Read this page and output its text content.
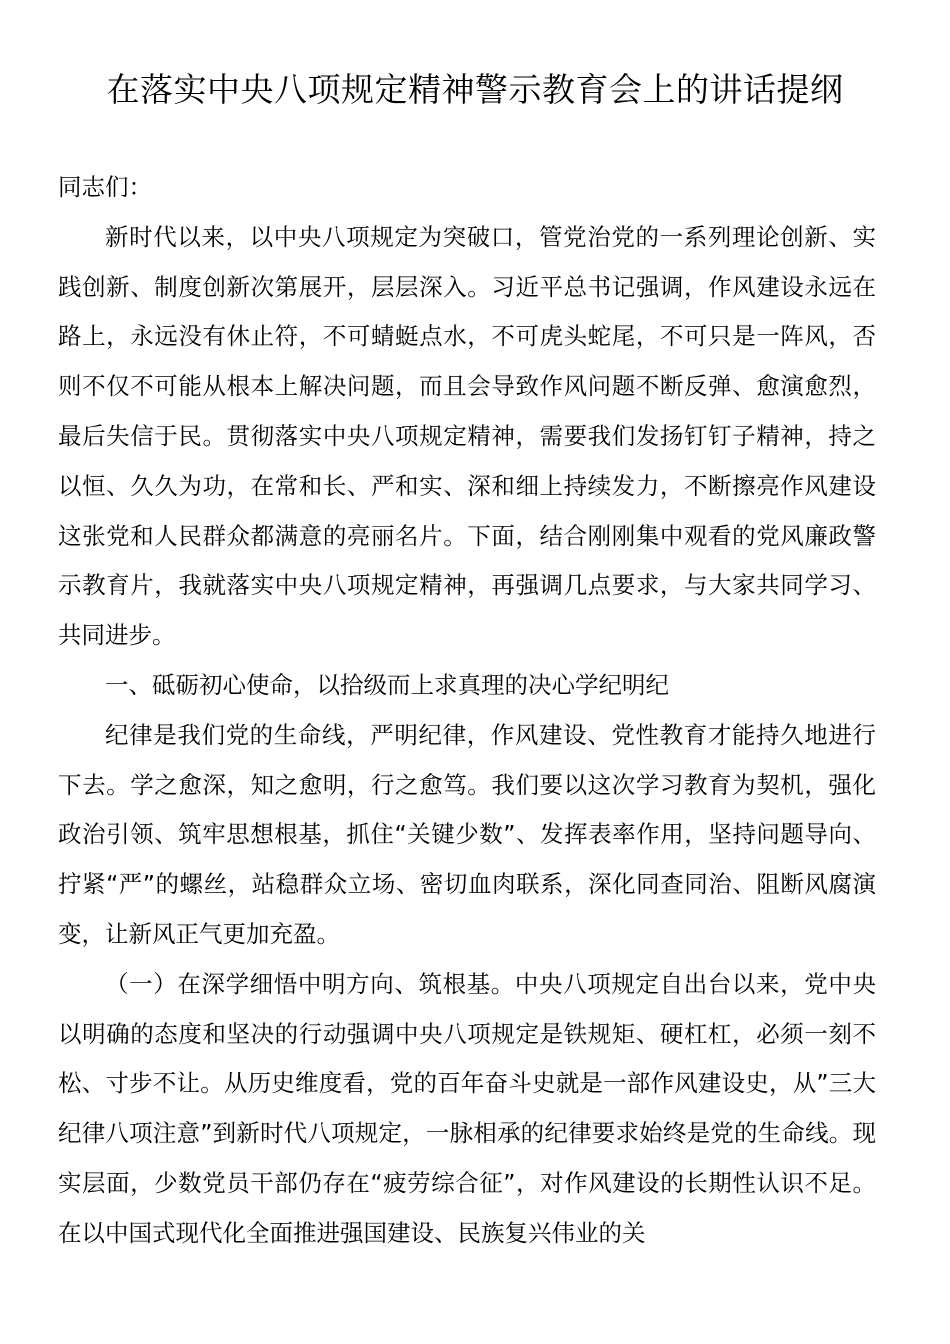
在落实中央八项规定精神警示教育会上的讲话提纲

同志们：

新时代以来，以中央八项规定为突破口，管党治党的一系列理论创新、实践创新、制度创新次第展开，层层深入。习近平总书记强调，作风建设永远在路上，永远没有休止符，不可蜻蜓点水，不可虎头蛇尾，不可只是一阵风，否则不仅不可能从根本上解决问题，而且会导致作风问题不断反弹、愈演愈烈，最后失信于民。贯彻落实中央八项规定精神，需要我们发扬钉钉子精神，持之以恒、久久为功，在常和长、严和实、深和细上持续发力，不断擦亮作风建设这张党和人民群众都满意的亮丽名片。下面，结合刚刚集中观看的党风廉政警示教育片，我就落实中央八项规定精神，再强调几点要求，与大家共同学习、共同进步。

一、砥砺初心使命，以拾级而上求真理的决心学纪明纪

纪律是我们党的生命线，严明纪律，作风建设、党性教育才能持久地进行下去。学之愈深，知之愈明，行之愈笃。我们要以这次学习教育为契机，强化政治引领、筑牢思想根基，抓住“关键少数”、发挥表率作用，坚持问题导向、拧紧“严”的螺丝，站稳群众立场、密切血肉联系，深化同查同治、阻断风腐演变，让新风正气更加充盈。

（一）在深学细悟中明方向、筑根基。中央八项规定自出台以来，党中央以明确的态度和坚决的行动强调中央八项规定是铁规矩、硬杠杠，必须一刻不松、寸步不让。从历史维度看，党的百年奋斗史就是一部作风建设史，从”三大纪律八项注意”到新时代八项规定，一脉相承的纪律要求始终是党的生命线。现实层面，少数党员干部仍存在“疲劳综合征”，对作风建设的长期性认识不足。在以中国式现代化全面推进强国建设、民族复兴伟业的关
